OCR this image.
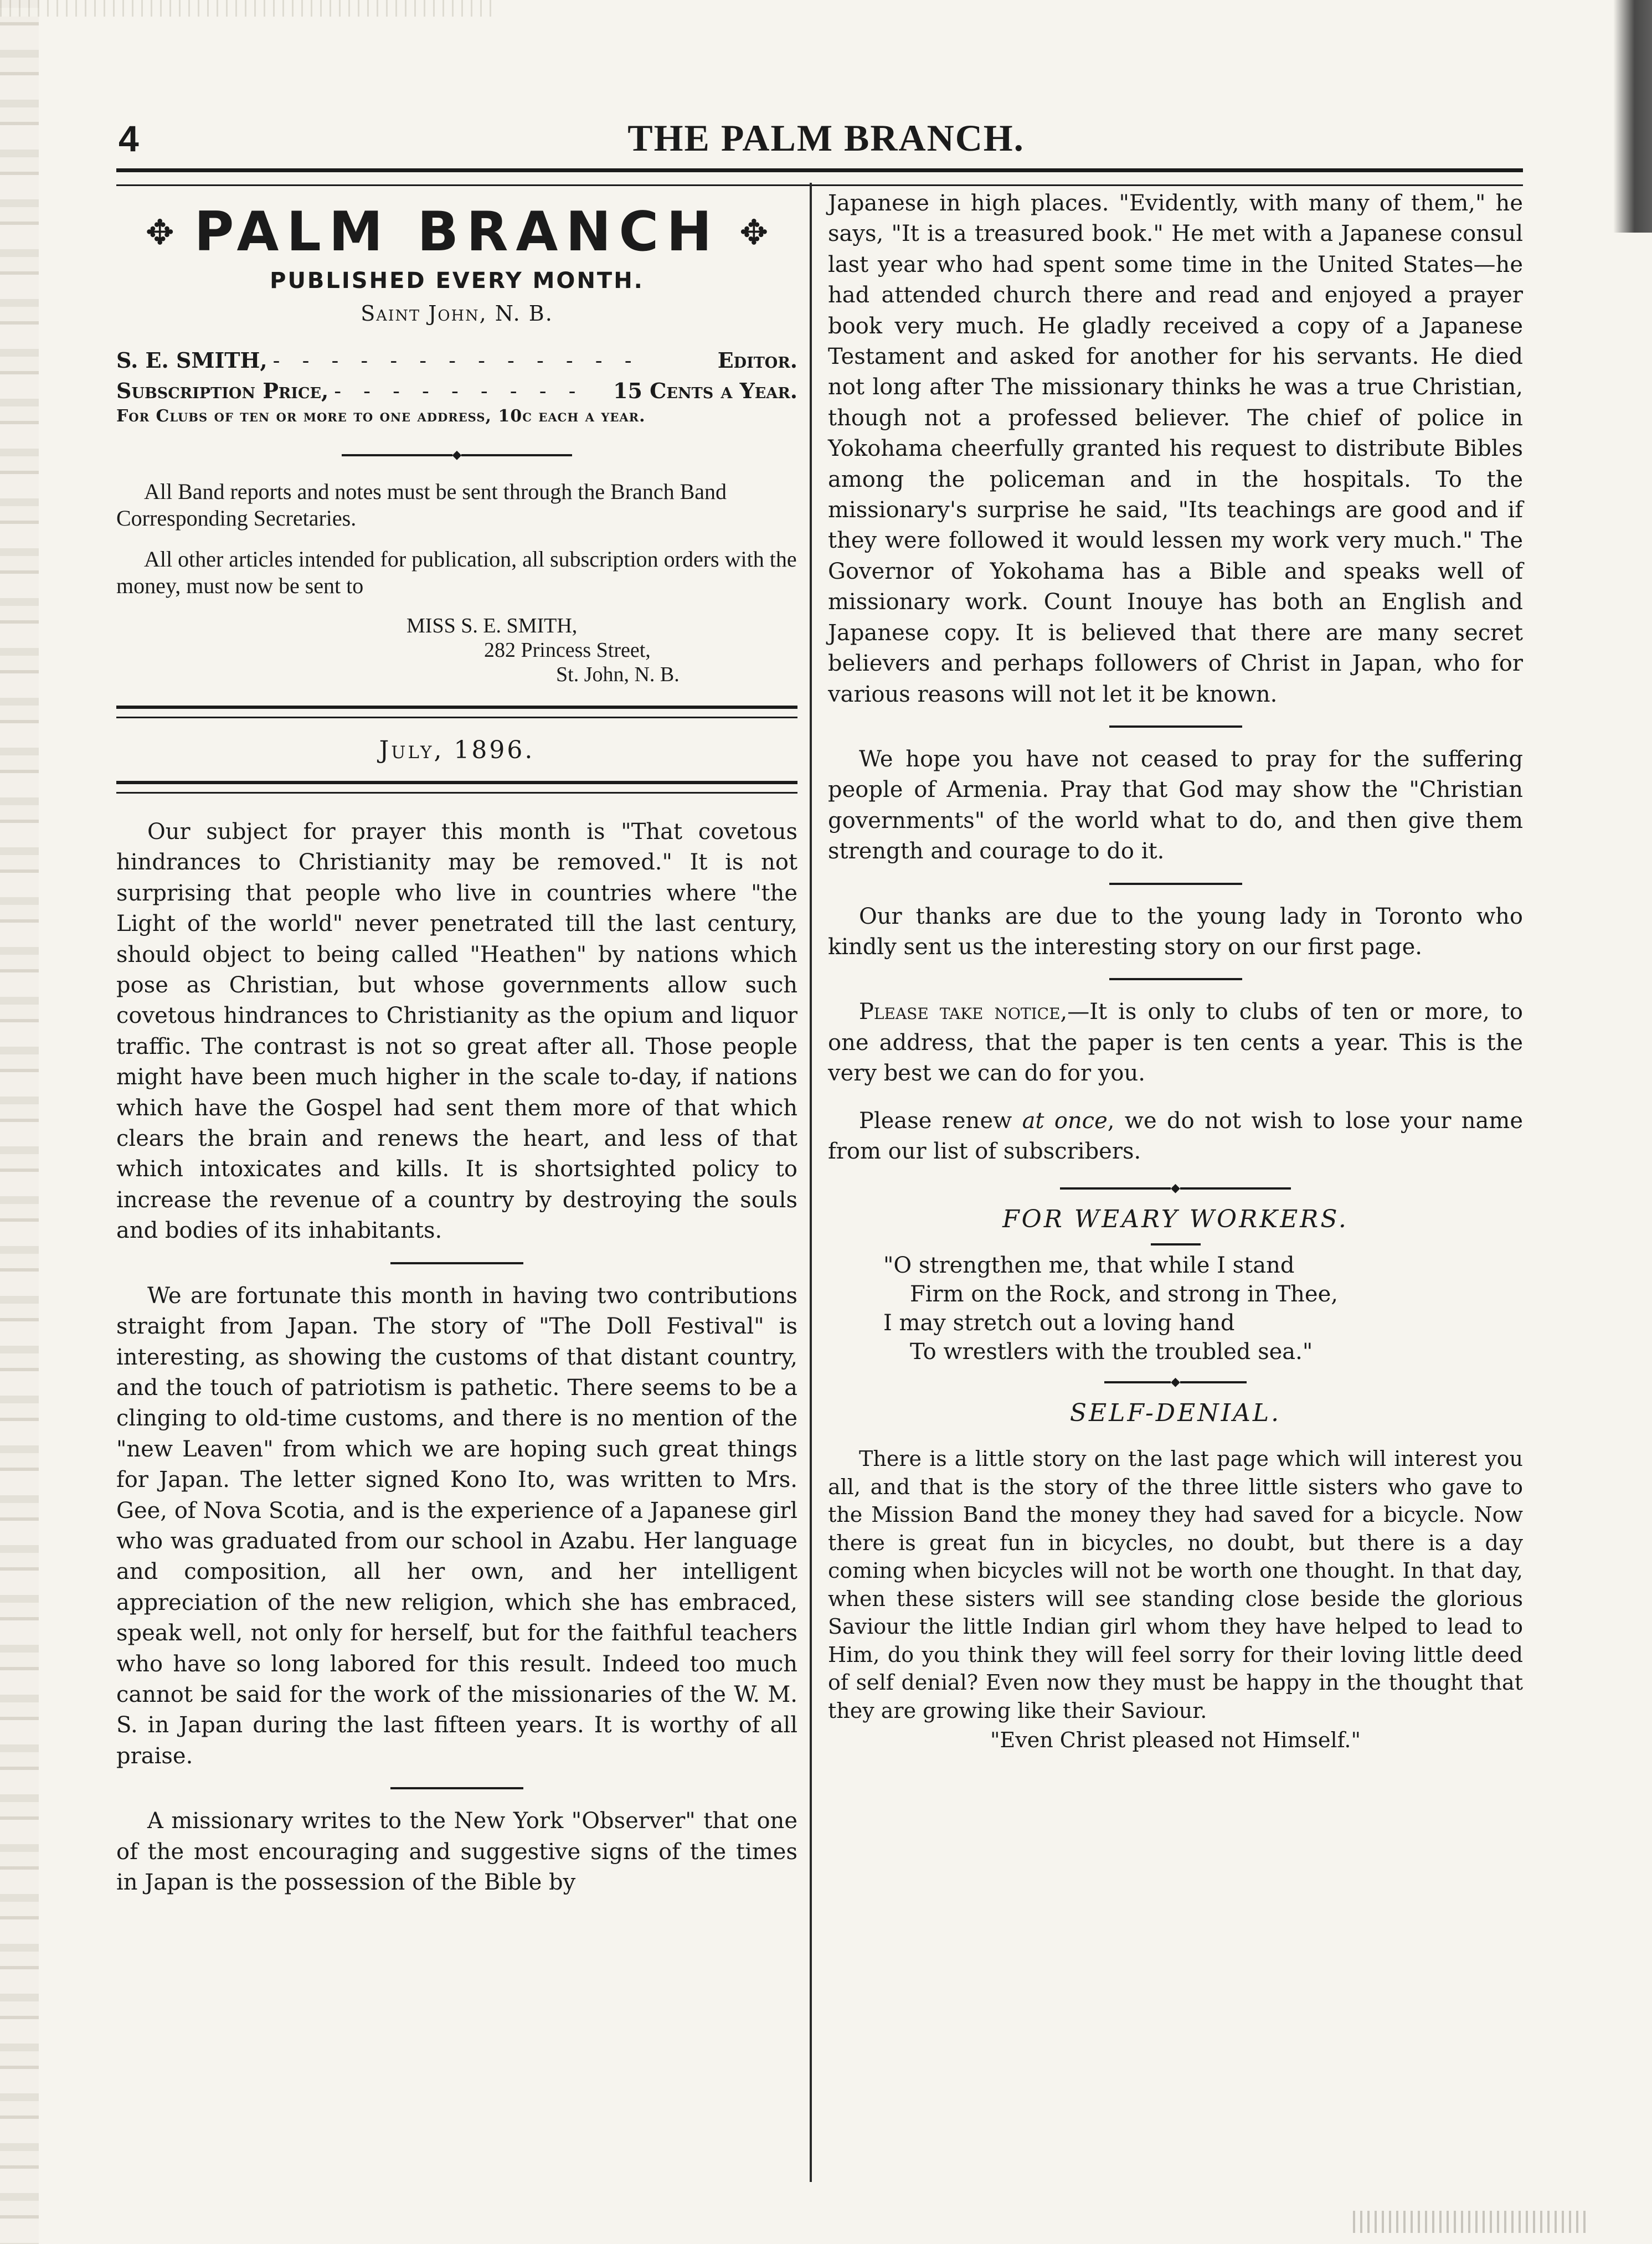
4	THE PALM BRANCH.
✥ PALM BRANCH ✥
PUBLISHED EVERY MONTH.
Saint John, N. B.
S. E. SMITH, - - - - - - - - - - - - -	Editor.
Subscription Price, - - - - - - - - -	15 Cents a Year.
For Clubs of ten or more to one address, 10c each a year.
◆

All Band reports and notes must be sent through the Branch Band Corresponding Secretaries.

All other articles intended for publication, all subscription orders with the money, must now be sent to

MISS S. E. SMITH,
282 Princess Street,
St. John, N. B.
July, 1896.

Our subject for prayer this month is "That covetous hindrances to Christianity may be removed." It is not surprising that people who live in countries where "the Light of the world" never penetrated till the last century, should object to being called "Heathen" by nations which pose as Christian, but whose governments allow such covetous hindrances to Christianity as the opium and liquor traffic. The contrast is not so great after all. Those people might have been much higher in the scale to-day, if nations which have the Gospel had sent them more of that which clears the brain and renews the heart, and less of that which intoxicates and kills. It is shortsighted policy to increase the revenue of a country by destroying the souls and bodies of its inhabitants.

We are fortunate this month in having two contributions straight from Japan. The story of "The Doll Festival" is interesting, as showing the customs of that distant country, and the touch of patriotism is pathetic. There seems to be a clinging to old-time customs, and there is no mention of the "new Leaven" from which we are hoping such great things for Japan. The letter signed Kono Ito, was written to Mrs. Gee, of Nova Scotia, and is the experience of a Japanese girl who was graduated from our school in Azabu. Her language and composition, all her own, and her intelligent appreciation of the new religion, which she has embraced, speak well, not only for herself, but for the faithful teachers who have so long labored for this result. Indeed too much cannot be said for the work of the missionaries of the W. M. S. in Japan during the last fifteen years. It is worthy of all praise.

A missionary writes to the New York "Observer" that one of the most encouraging and suggestive signs of the times in Japan is the possession of the Bible by

Japanese in high places. "Evidently, with many of them," he says, "It is a treasured book." He met with a Japanese consul last year who had spent some time in the United States—he had attended church there and read and enjoyed a prayer book very much. He gladly received a copy of a Japanese Testament and asked for another for his servants. He died not long after The missionary thinks he was a true Christian, though not a professed believer. The chief of police in Yokohama cheerfully granted his request to distribute Bibles among the policeman and in the hospitals. To the missionary's surprise he said, "Its teachings are good and if they were followed it would lessen my work very much." The Governor of Yokohama has a Bible and speaks well of missionary work. Count Inouye has both an English and Japanese copy. It is believed that there are many secret believers and perhaps followers of Christ in Japan, who for various reasons will not let it be known.

We hope you have not ceased to pray for the suffering people of Armenia. Pray that God may show the "Christian governments" of the world what to do, and then give them strength and courage to do it.

Our thanks are due to the young lady in Toronto who kindly sent us the interesting story on our first page.

Please take notice,—It is only to clubs of ten or more, to one address, that the paper is ten cents a year. This is the very best we can do for you.

Please renew at once, we do not wish to lose your name from our list of subscribers.

◆
FOR WEARY WORKERS.
"O strengthen me, that while I stand
Firm on the Rock, and strong in Thee,
I may stretch out a loving hand
To wrestlers with the troubled sea."
◆
SELF-DENIAL.

There is a little story on the last page which will interest you all, and that is the story of the three little sisters who gave to the Mission Band the money they had saved for a bicycle. Now there is great fun in bicycles, no doubt, but there is a day coming when bicycles will not be worth one thought. In that day, when these sisters will see standing close beside the glorious Saviour the little Indian girl whom they have helped to lead to Him, do you think they will feel sorry for their loving little deed of self denial? Even now they must be happy in the thought that they are growing like their Saviour.

"Even Christ pleased not Himself."
